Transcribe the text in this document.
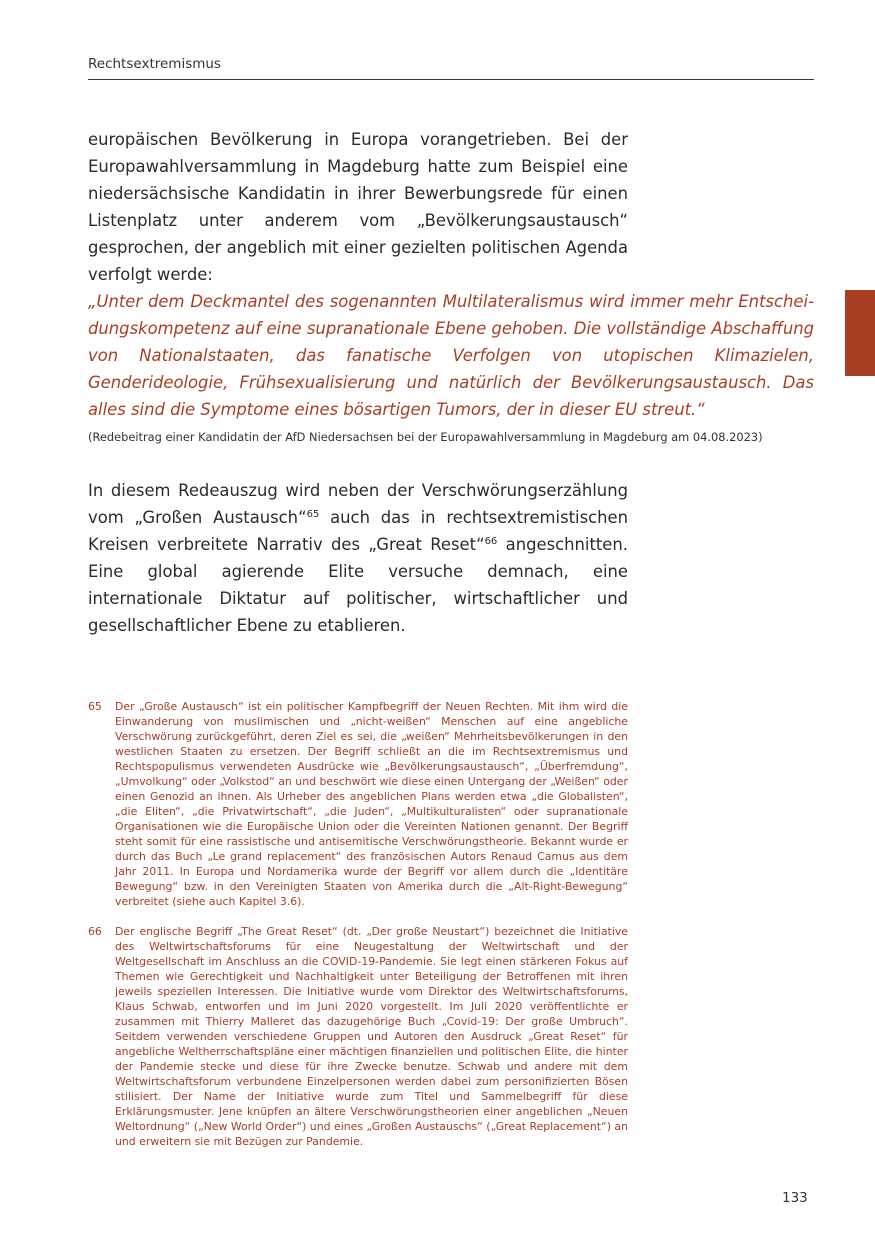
Rechtsextremismus

europäischen Bevölkerung in Europa vorangetrieben. Bei der Europawahlversammlung in Magdeburg hatte zum Beispiel eine niedersächsische Kandidatin in ihrer Bewerbungsrede für einen Listenplatz unter anderem vom „Bevölkerungsaustausch“ gesprochen, der angeblich mit einer gezielten politischen Agenda verfolgt werde:

„Unter dem Deckmantel des sogenannten Multilateralismus wird immer mehr Entscheidungskompetenz auf eine supranationale Ebene gehoben. Die vollständige Abschaffung von Nationalstaaten, das fanatische Verfolgen von utopischen Klimazielen, Genderideologie, Frühsexualisierung und natürlich der Bevölkerungsaustausch. Das alles sind die Symptome eines bösartigen Tumors, der in dieser EU streut.“

(Redebeitrag einer Kandidatin der AfD Niedersachsen bei der Europawahlversammlung in Magdeburg am 04.08.2023)

In diesem Redeauszug wird neben der Verschwörungserzählung vom „Großen Austausch“$^{65}$ auch das in rechtsextremistischen Kreisen verbreitete Narrativ des „Great Reset“$^{66}$ angeschnitten. Eine global agierende Elite versuche demnach, eine internationale Diktatur auf politischer, wirtschaftlicher und gesellschaftlicher Ebene zu etablieren.

65	Der „Große Austausch“ ist ein politischer Kampfbegriff der Neuen Rechten. Mit ihm wird die Einwanderung von muslimischen und „nicht-weißen“ Menschen auf eine angebliche Verschwörung zurückgeführt, deren Ziel es sei, die „weißen“ Mehrheitsbevölkerungen in den westlichen Staaten zu ersetzen. Der Begriff schließt an die im Rechtsextremismus und Rechtspopulismus verwendeten Ausdrücke wie „Bevölkerungsaustausch“, „Überfremdung“, „Umvolkung“ oder „Volkstod“ an und beschwört wie diese einen Untergang der „Weißen“ oder einen Genozid an ihnen. Als Urheber des angeblichen Plans werden etwa „die Globalisten“, „die Eliten“, „die Privatwirtschaft“, „die Juden“, „Multikulturalisten“ oder supranationale Organisationen wie die Europäische Union oder die Vereinten Nationen genannt. Der Begriff steht somit für eine rassistische und antisemitische Verschwörungstheorie. Bekannt wurde er durch das Buch „Le grand replacement“ des französischen Autors Renaud Camus aus dem Jahr 2011. In Europa und Nordamerika wurde der Begriff vor allem durch die „Identitäre Bewegung“ bzw. in den Vereinigten Staaten von Amerika durch die „Alt-Right-Bewegung“ verbreitet (siehe auch Kapitel 3.6).
66	Der englische Begriff „The Great Reset“ (dt. „Der große Neustart“) bezeichnet die Initiative des Weltwirtschaftsforums für eine Neugestaltung der Weltwirtschaft und der Weltgesellschaft im Anschluss an die COVID-19-Pandemie. Sie legt einen stärkeren Fokus auf Themen wie Gerechtigkeit und Nachhaltigkeit unter Beteiligung der Betroffenen mit ihren jeweils speziellen Interessen. Die Initiative wurde vom Direktor des Weltwirtschaftsforums, Klaus Schwab, entworfen und im Juni 2020 vorgestellt. Im Juli 2020 veröffentlichte er zusammen mit Thierry Malleret das dazugehörige Buch „Covid-19: Der große Umbruch“. Seitdem verwenden verschiedene Gruppen und Autoren den Ausdruck „Great Reset“ für angebliche Weltherrschaftspläne einer mächtigen finanziellen und politischen Elite, die hinter der Pandemie stecke und diese für ihre Zwecke benutze. Schwab und andere mit dem Weltwirtschaftsforum verbundene Einzelpersonen werden dabei zum personifizierten Bösen stilisiert. Der Name der Initiative wurde zum Titel und Sammelbegriff für diese Erklärungsmuster. Jene knüpfen an ältere Verschwörungstheorien einer angeblichen „Neuen Weltordnung“ („New World Order“) und eines „Großen Austauschs“ („Great Replacement“) an und erweitern sie mit Bezügen zur Pandemie.
133
